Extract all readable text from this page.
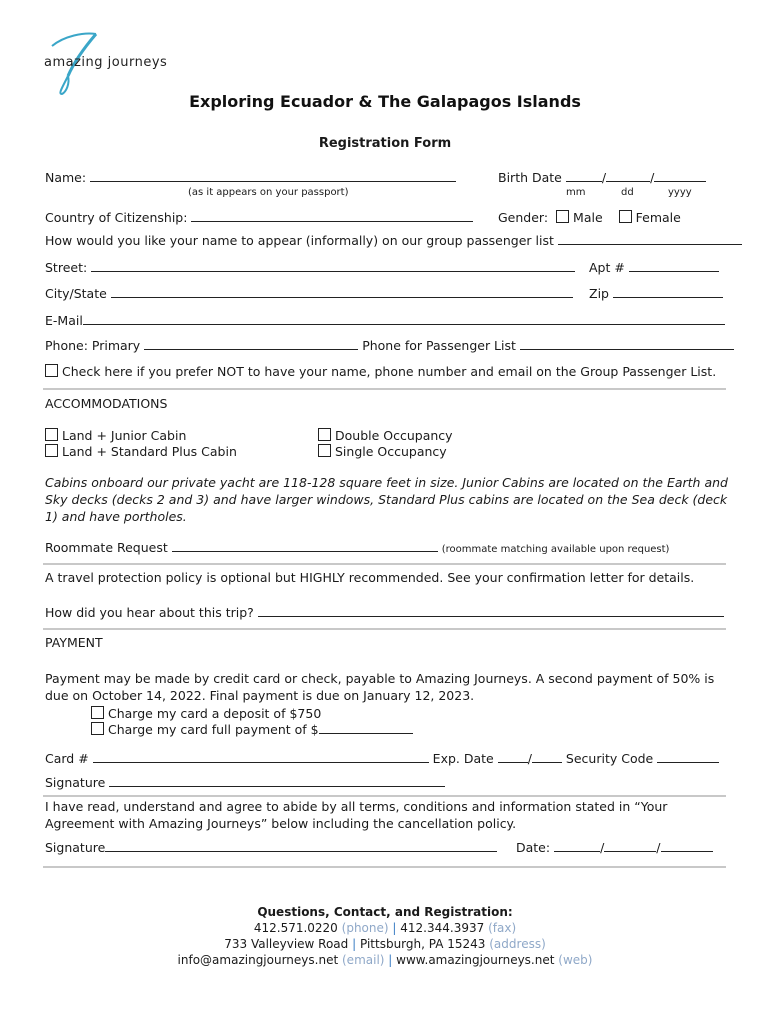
amazing journeys
Exploring Ecuador & The Galapagos Islands
Registration Form
Name:	Birth Date	/	/
(as it appears on your passport)	mm	dd	yyyy
Country of Citizenship:	Gender: Male	Female
How would you like your name to appear (informally) on our group passenger list
Street:	Apt #
City/State	Zip
E-Mail
Phone: Primary	Phone for Passenger List
Check here if you prefer NOT to have your name, phone number and email on the Group Passenger List.
ACCOMMODATIONS
Land + Junior Cabin
Land + Standard Plus Cabin
Double Occupancy
Single Occupancy
Cabins onboard our private yacht are 118-128 square feet in size. Junior Cabins are located on the Earth and
Sky decks (decks 2 and 3) and have larger windows, Standard Plus cabins are located on the Sea deck (deck
1) and have portholes.
Roommate Request	(roommate matching available upon request)
A travel protection policy is optional but HIGHLY recommended. See your confirmation letter for details.
How did you hear about this trip?
PAYMENT
Payment may be made by credit card or check, payable to Amazing Journeys. A second payment of 50% is
due on October 14, 2022. Final payment is due on January 12, 2023.
Charge my card a deposit of $750
Charge my card full payment of $
Card #	Exp. Date	/	Security Code
Signature
I have read, understand and agree to abide by all terms, conditions and information stated in “Your
Agreement with Amazing Journeys” below including the cancellation policy.
Signature	Date:	/	/
Questions, Contact, and Registration:
412.571.0220 (phone) | 412.344.3937 (fax)
733 Valleyview Road | Pittsburgh, PA 15243 (address)
info@amazingjourneys.net (email) | www.amazingjourneys.net (web)
